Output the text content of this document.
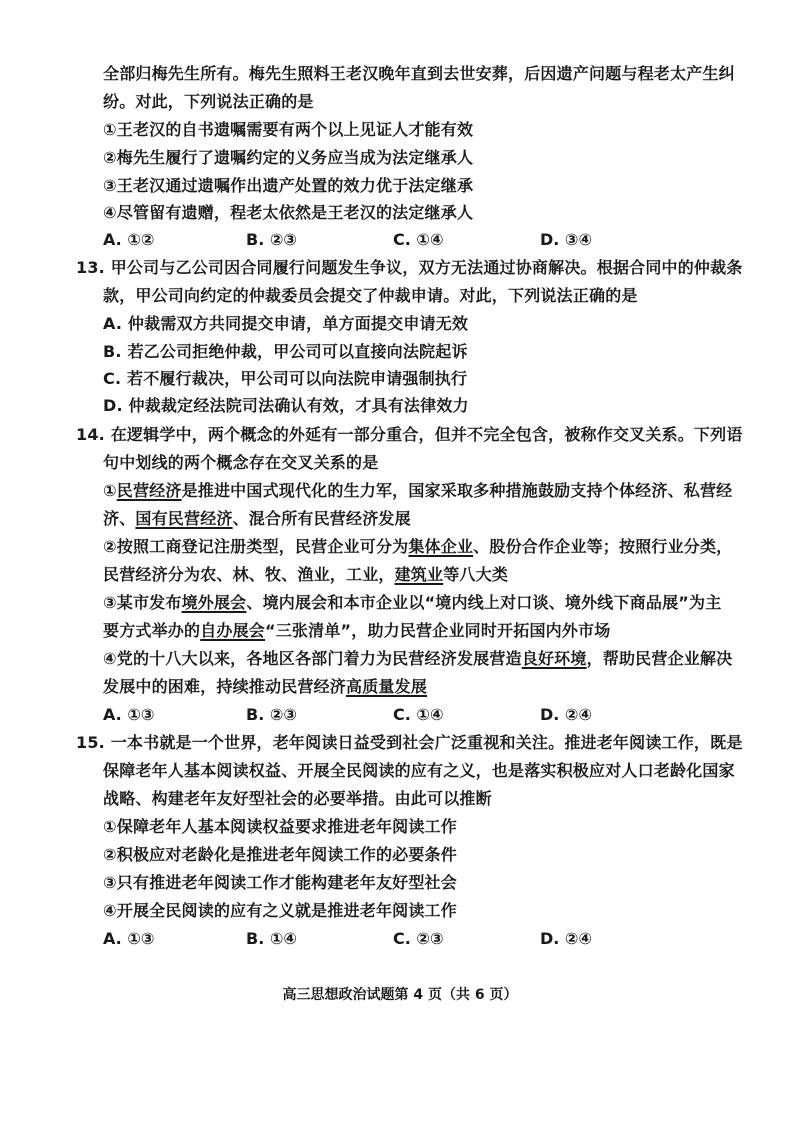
全部归梅先生所有。梅先生照料王老汉晚年直到去世安葬，后因遗产问题与程老太产生纠
纷。对此，下列说法正确的是
①王老汉的自书遗嘱需要有两个以上见证人才能有效
②梅先生履行了遗嘱约定的义务应当成为法定继承人
③王老汉通过遗嘱作出遗产处置的效力优于法定继承
④尽管留有遗赠，程老太依然是王老汉的法定继承人
A. ①②	B. ②③	C. ①④	D. ③④
13. 甲公司与乙公司因合同履行问题发生争议，双方无法通过协商解决。根据合同中的仲裁条
款，甲公司向约定的仲裁委员会提交了仲裁申请。对此，下列说法正确的是
A. 仲裁需双方共同提交申请，单方面提交申请无效
B. 若乙公司拒绝仲裁，甲公司可以直接向法院起诉
C. 若不履行裁决，甲公司可以向法院申请强制执行
D. 仲裁裁定经法院司法确认有效，才具有法律效力
14. 在逻辑学中，两个概念的外延有一部分重合，但并不完全包含，被称作交叉关系。下列语
句中划线的两个概念存在交叉关系的是
①民营经济是推进中国式现代化的生力军，国家采取多种措施鼓励支持个体经济、私营经
济、国有民营经济、混合所有民营经济发展
②按照工商登记注册类型，民营企业可分为集体企业、股份合作企业等；按照行业分类，
民营经济分为农、林、牧、渔业，工业，建筑业等八大类
③某市发布境外展会、境内展会和本市企业以“境内线上对口谈、境外线下商品展”为主
要方式举办的自办展会“三张清单”，助力民营企业同时开拓国内外市场
④党的十八大以来，各地区各部门着力为民营经济发展营造良好环境，帮助民营企业解决
发展中的困难，持续推动民营经济高质量发展
A. ①③	B. ②③	C. ①④	D. ②④
15. 一本书就是一个世界，老年阅读日益受到社会广泛重视和关注。推进老年阅读工作，既是
保障老年人基本阅读权益、开展全民阅读的应有之义，也是落实积极应对人口老龄化国家
战略、构建老年友好型社会的必要举措。由此可以推断
①保障老年人基本阅读权益要求推进老年阅读工作
②积极应对老龄化是推进老年阅读工作的必要条件
③只有推进老年阅读工作才能构建老年友好型社会
④开展全民阅读的应有之义就是推进老年阅读工作
A. ①③	B. ①④	C. ②③	D. ②④
高三思想政治试题第 4 页（共 6 页）
